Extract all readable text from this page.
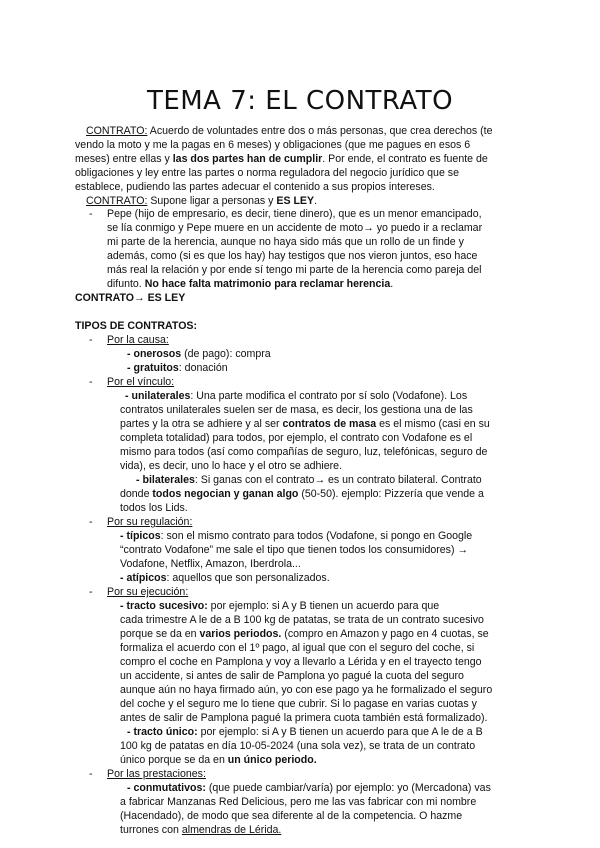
TEMA 7: EL CONTRATO
CONTRATO: Acuerdo de voluntades entre dos o más personas, que crea derechos (te
vendo la moto y me la pagas en 6 meses) y obligaciones (que me pagues en esos 6
meses) entre ellas y las dos partes han de cumplir. Por ende, el contrato es fuente de
obligaciones y ley entre las partes o norma reguladora del negocio jurídico que se
establece, pudiendo las partes adecuar el contenido a sus propios intereses.
CONTRATO: Supone ligar a personas y ES LEY.
- Pepe (hijo de empresario, es decir, tiene dinero), que es un menor emancipado,
se lía conmigo y Pepe muere en un accidente de moto→ yo puedo ir a reclamar
mi parte de la herencia, aunque no haya sido más que un rollo de un finde y
además, como (si es que los hay) hay testigos que nos vieron juntos, eso hace
más real la relación y por ende sí tengo mi parte de la herencia como pareja del
difunto. No hace falta matrimonio para reclamar herencia.
CONTRATO→ ES LEY
TIPOS DE CONTRATOS:
- Por la causa:
- onerosos (de pago): compra
- gratuitos: donación
- Por el vínculo:
- unilaterales: Una parte modifica el contrato por sí solo (Vodafone). Los
contratos unilaterales suelen ser de masa, es decir, los gestiona una de las
partes y la otra se adhiere y al ser contratos de masa es el mismo (casi en su
completa totalidad) para todos, por ejemplo, el contrato con Vodafone es el
mismo para todos (así como compañías de seguro, luz, telefónicas, seguro de
vida), es decir, uno lo hace y el otro se adhiere.
- bilaterales: Si ganas con el contrato→ es un contrato bilateral. Contrato
donde todos negocian y ganan algo (50-50). ejemplo: Pizzería que vende a
todos los Lids.
- Por su regulación:
- típicos: son el mismo contrato para todos (Vodafone, si pongo en Google
“contrato Vodafone” me sale el tipo que tienen todos los consumidores) →
Vodafone, Netflix, Amazon, Iberdrola...
- atípicos: aquellos que son personalizados.
- Por su ejecución:
- tracto sucesivo: por ejemplo: si A y B tienen un acuerdo para que
cada trimestre A le de a B 100 kg de patatas, se trata de un contrato sucesivo
porque se da en varios periodos. (compro en Amazon y pago en 4 cuotas, se
formaliza el acuerdo con el 1º pago, al igual que con el seguro del coche, si
compro el coche en Pamplona y voy a llevarlo a Lérida y en el trayecto tengo
un accidente, si antes de salir de Pamplona yo pagué la cuota del seguro
aunque aún no haya firmado aún, yo con ese pago ya he formalizado el seguro
del coche y el seguro me lo tiene que cubrir. Si lo pagase en varias cuotas y
antes de salir de Pamplona pagué la primera cuota también está formalizado).
- tracto único: por ejemplo: si A y B tienen un acuerdo para que A le de a B
100 kg de patatas en día 10-05-2024 (una sola vez), se trata de un contrato
único porque se da en un único periodo.
- Por las prestaciones:
- conmutativos: (que puede cambiar/varía) por ejemplo: yo (Mercadona) vas
a fabricar Manzanas Red Delicious, pero me las vas fabricar con mi nombre
(Hacendado), de modo que sea diferente al de la competencia. O hazme
turrones con almendras de Lérida.
